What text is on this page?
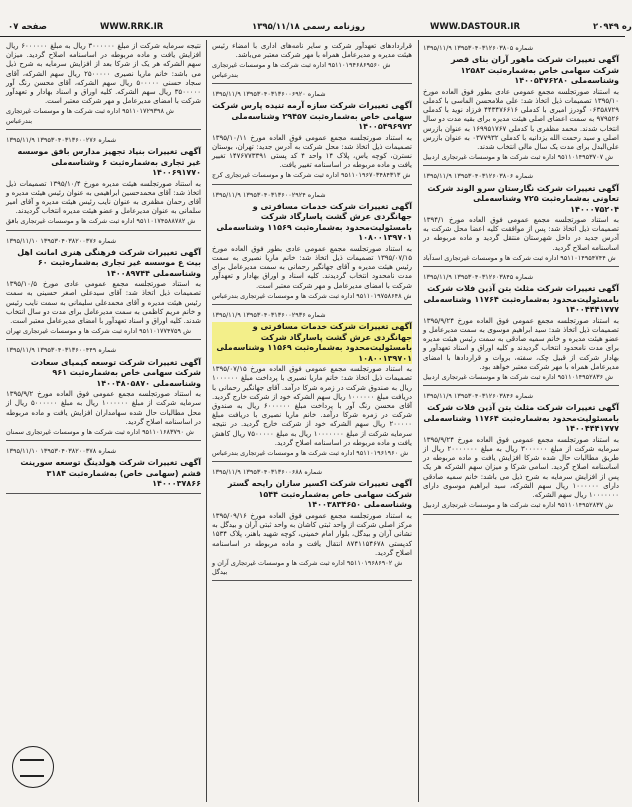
ره ۲۰۹۴۹
WWW.DASTOUR.IR
روزنامه رسمی ۱۳۹۵/۱۱/۱۸
WWW.RRK.IR
صفحه ۰۷
۱۳۹۵/۱۱/۹ ۱۳۹۵۳۰۴۰۳۱۲۶۰۳۸۰۵ شماره
آگهی تغییرات شرکت ماهور آران بنای قصر شرکت سهامی خاص به‌شماره‌ثبت ۱۲۵۸۳ وشناسه‌ملی ۱۴۰۰۵۴۷۶۲۸۰
به استناد صورتجلسه مجمع عمومی عادی بطور فوق العاده مورخ ۱۳۹۵/۱۰ تصمیمات ذیل اتخاذ شد: علی ملامحسن الماسی با کدملی ۰۶۳۵۸۷۲۹ گودرز امیری با کدملی ۴۴۳۴۷۶۶۱۶ فرزاد نوید با کدملی ۹۷۹۵۲۶ به سمت اعضای اصلی هیئت مدیره برای بقیه مدت دو سال انتخاب شدند. محمد مظفری با کدملی ۱۶۹۹۵۱۷۶۷ به عنوان بازرس اصلی و سید رحمت الله یزدانیه با کدملی ۰۳۷۷۹۳۲ به عنوان بازرس علی‌البدل برای مدت یک سال مالی انتخاب شدند.
ش ۹۵۱۱۰۱۴۹۵۳۷۰۷ اداره ثبت شرکت ها و موسسات غیرتجاری اردبیل
۱۳۹۵/۱۱/۹ ۱۳۹۵۳۰۴۰۳۱۲۶۰۳۸۰۶ شماره
آگهی تغییرات شرکت نگارستان سرو الوند شرکت تعاونی به‌شماره‌ثبت ۷۲۵ وشناسه‌ملی ۱۴۰۰۰۷۵۲۰۴
به استناد صورتجلسه مجمع عمومی فوق العاده مورخ ۱۳۹۴/۱ تصمیمات ذیل اتخاذ شد: پس از موافقت کلیه اعضا محل شرکت به آدرس جدید در داخل شهرستان منتقل گردید و ماده مربوطه در اساسنامه اصلاح گردید.
ش ۹۵۱۱۰۱۴۹۵۴۷۴۴ اداره ثبت شرکت ها و موسسات غیرتجاری اسدآباد
۱۳۹۵/۱۱/۹ ۱۳۹۵۳۰۴۰۳۱۲۶۰۳۸۴۵ شماره
آگهی تغییرات شرکت مثلث بتن آذین فلات شرکت بامسئولیت‌محدود به‌شماره‌ثبت ۱۱۷۶۴ وشناسه‌ملی ۱۴۰۰۴۴۴۱۷۷۷
به استناد صورتجلسه مجمع عمومی فوق العاده مورخ ۱۳۹۵/۹/۲۴ تصمیمات ذیل اتخاذ شد: سید ابراهیم موسوی به سمت مدیرعامل و عضو هیئت مدیره و خانم سمیه صادقی به سمت رئیس هیئت مدیره برای مدت نامحدود انتخاب گردیدند و کلیه اوراق و اسناد تعهدآور و بهادار شرکت از قبیل چک، سفته، بروات و قراردادها با امضای مدیرعامل همراه با مهر شرکت معتبر خواهد بود.
ش ۹۵۱۱۰۱۴۹۵۲۸۳۶ اداره ثبت شرکت ها و موسسات غیرتجاری اردبیل
۱۳۹۵/۱۱/۹ ۱۳۹۵۳۰۴۰۳۱۲۶۰۳۸۴۶ شماره
آگهی تغییرات شرکت مثلث بتن آذین فلات شرکت بامسئولیت‌محدود به‌شماره‌ثبت ۱۱۷۶۴ وشناسه‌ملی ۱۴۰۰۴۴۴۱۷۷۷
به استناد صورتجلسه مجمع عمومی فوق العاده مورخ ۱۳۹۵/۹/۲۴ سرمایه شرکت از مبلغ ۳۰۰۰۰۰۰ ریال به مبلغ ۲۰۰۰۰۰۰۰ ریال از طریق مطالبات حال شده شرکا افزایش یافت و ماده مربوطه در اساسنامه اصلاح گردید. اسامی شرکا و میزان سهم الشرکه هر یک پس از افزایش سرمایه به شرح ذیل می باشد: خانم سمیه صادقی دارای ۱۰۰۰۰۰۰ ریال سهم الشرکه، سید ابراهیم موسوی دارای ۱۰۰۰۰۰۰۰ ریال سهم الشرکه.
ش ۹۵۱۱۰۱۴۹۵۲۸۳۷ اداره ثبت شرکت ها و موسسات غیرتجاری اردبیل
قراردادهای تعهدآور شرکت و سایر نامه‌های اداری با امضاء رئیس هیئت مدیره و مدیرعامل همراه با مهر شرکت معتبر می‌باشد.
ش ۹۵۱۱۰۱۹۴۶۸۶۹۵۶۰ اداره ثبت شرکت ها و موسسات غیرتجاری بندرعباس
۱۳۹۵/۱۱/۹ ۱۳۹۵۳۰۴۰۳۱۳۶۰۰۶۹۲۰ شماره
آگهی تغییرات شرکت سازه آرمه تنیده پارس شرکت سهامی خاص به‌شماره‌ثبت ۲۹۴۵۷ وشناسه‌ملی ۱۴۰۰۵۴۹۶۹۷۲
به استناد صورتجلسه مجمع عمومی فوق العاده مورخ ۱۳۹۵/۱۰/۱۱ تصمیمات ذیل اتخاذ شد: محل شرکت به آدرس جدید: تهران، بوستان نسترن، کوچه یاس، پلاک ۱۴ واحد ۴ کد پستی ۱۴۷۶۷۷۳۳۹۱ تغییر یافت و ماده مربوطه در اساسنامه تغییر یافت.
ش ۹۵۱۱۰۱۹۶۷۰۳۴۸۴۳۱۳ اداره ثبت شرکت ها و موسسات غیرتجاری کرج
۱۳۹۵/۱۱/۹ ۱۳۹۵۳۰۴۰۳۱۳۶۰۰۲۹۲۴ شماره
آگهی تغییرات شرکت خدمات مسافرتی و جهانگردی عرش گشت پاسارگاد شرکت بامسئولیت‌محدود به‌شماره‌ثبت ۱۱۵۶۹ وشناسه‌ملی ۱۰۸۰۰۱۳۹۷۰۱
به استناد صورتجلسه مجمع عمومی عادی بطور فوق العاده مورخ ۱۳۹۵/۰۷/۱۵ تصمیمات ذیل اتخاذ شد: خانم ماریا نصیری به سمت رئیس هیئت مدیره و آقای جهانگیر رحمانی به سمت مدیرعامل برای مدت نامحدود انتخاب گردیدند. کلیه اسناد و اوراق بهادار و تعهدآور شرکت با امضای مدیرعامل و مهر شرکت معتبر است.
ش ۹۵۱۱۰۱۹۷۵۸۶۴۸ اداره ثبت شرکت ها و موسسات غیرتجاری بندرعباس
۱۳۹۵/۱۱/۹ ۱۳۹۵۳۰۴۰۳۱۳۶۰۰۲۹۳۶ شماره
آگهی تغییرات شرکت خدمات مسافرتی و جهانگردی عرش گشت پاسارگاد شرکت بامسئولیت‌محدود به‌شماره‌ثبت ۱۱۵۶۹ وشناسه‌ملی ۱۰۸۰۰۱۳۹۷۰۱
به استناد صورتجلسه مجمع عمومی فوق العاده مورخ ۱۳۹۵/۰۷/۱۵ تصمیمات ذیل اتخاذ شد: خانم ماریا نصیری با پرداخت مبلغ ۱۰۰۰۰۰۰ ریال به صندوق شرکت در زمره شرکا درآمد. آقای جهانگیر رحمانی با دریافت مبلغ ۱۰۰۰۰۰۰ ریال سهم الشرکه خود از شرکت خارج گردید. آقای محسن رنگ آور با پرداخت مبلغ ۶۰۰۰۰۰۰ ریال به صندوق شرکت در زمره شرکا درآمد. خانم ماریا نصیری با دریافت مبلغ ۲۰۰۰۰۰ ریال سهم الشرکه خود از شرکت خارج گردید. در نتیجه سرمایه شرکت از مبلغ ۱۰۰۰۰۰۰۰ ریال به مبلغ ۷۵۰۰۰۰۰ ریال کاهش یافت و ماده مربوطه در اساسنامه اصلاح گردید.
ش ۹۵۱۱۰۱۹۶۱۹۶۰ اداره ثبت شرکت ها و موسسات غیرتجاری بندرعباس
۱۳۹۵/۱۱/۹ ۱۳۹۵۳۰۴۰۳۱۳۶۰۰۶۸۸ شماره
آگهی تغییرات شرکت اکسیر سازان رایحه گستر شرکت سهامی خاص به‌شماره‌ثبت ۱۵۴۴ وشناسه‌ملی ۱۴۰۰۳۸۳۴۶۵۰
به استناد صورتجلسه مجمع عمومی فوق العاده مورخ ۱۳۹۵/۰۹/۱۶ مرکز اصلی شرکت از واحد ثبتی کاشان به واحد ثبتی آران و بیدگل به نشانی آران و بیدگل، بلوار امام خمینی، کوچه شهید باهنر، پلاک ۱۵۳۴ کدپستی ۸۷۴۱۱۵۴۶۷۸ انتقال یافت و ماده مربوطه در اساسنامه اصلاح گردید.
ش ۹۵۱۱۰۱۹۶۸۶۹۰۲ اداره ثبت شرکت ها و موسسات غیرتجاری آران و بیدگل
نتیجه سرمایه شرکت از مبلغ ۳۰۰۰۰۰۰ ریال به مبلغ ۶۰۰۰۰۰۰ ریال افزایش یافت و ماده مربوطه در اساسنامه اصلاح گردید. میزان سهم الشرکه هر یک از شرکا بعد از افزایش سرمایه به شرح ذیل می باشد: خانم ماریا نصیری ۲۵۰۰۰۰۰ ریال سهم الشرکه، آقای سجاد حسنی ۵۰۰۰۰۰ ریال سهم الشرکه، آقای محسن رنگ آور ۳۵۰۰۰۰۰ ریال سهم الشرکه. کلیه اوراق و اسناد بهادار و تعهدآور شرکت با امضای مدیرعامل و مهر شرکت معتبر است.
ش ۹۵۱۱۰۱۷۲۹۳۹۸ اداره ثبت شرکت ها و موسسات غیرتجاری بندرعباس
۱۳۹۵/۱۱/۹ ۱۳۹۵۳۰۴۰۳۱۳۶۰۰۲۷۶ شماره
آگهی تغییرات بنیاد تجهیز مدارس بافق موسسه غیر تجاری به‌شماره‌ثبت ۶ وشناسه‌ملی ۱۴۰۰۶۹۱۷۷۰
به استناد صورتجلسه هیئت مدیره مورخ ۱۳۹۵/۱۰/۴ تصمیمات ذیل اتخاذ شد: آقای محمدحسین ابراهیمی به عنوان رئیس هیئت مدیره و آقای رحمان مظفری به عنوان نایب رئیس هیئت مدیره و آقای امیر سلمانی به عنوان مدیرعامل و عضو هیئت مدیره انتخاب گردیدند.
ش ۹۵۱۱۰۱۷۴۵۸۸۷۸۲ اداره ثبت شرکت ها و موسسات غیرتجاری بافق
۱۳۹۵/۱۱/۱۰ ۱۳۹۵۳۰۴۰۳۸۲۰۰۳۷۶ شماره
آگهی تغییرات شرکت فرهنگی هنری امانت اهل بیت ع موسسه غیر تجاری به‌شماره‌ثبت ۶۰ وشناسه‌ملی ۱۴۰۰۸۹۷۴۴
به استناد صورتجلسه مجمع عمومی عادی مورخ ۱۳۹۵/۱۰/۵ تصمیمات ذیل اتخاذ شد: آقای سیدعلی اصغر حسینی به سمت رئیس هیئت مدیره و آقای محمدعلی سلیمانی به سمت نایب رئیس و خانم مریم کاظمی به سمت مدیرعامل برای مدت دو سال انتخاب شدند. کلیه اوراق و اسناد تعهدآور با امضای مدیرعامل معتبر است.
ش ۹۵۱۱۰۱۷۷۴۷۵۹ اداره ثبت شرکت ها و موسسات غیرتجاری تهران
۱۳۹۵/۱۱/۹ ۱۳۹۵۳۰۴۰۳۱۳۶۰۰۴۴۹ شماره
آگهی تغییرات شرکت توسعه کیمیای سعادت شرکت سهامی خاص به‌شماره‌ثبت ۹۶۱ وشناسه‌ملی ۱۴۰۰۴۸۰۵۸۷۰
به استناد صورتجلسه مجمع عمومی فوق العاده مورخ ۱۳۹۵/۹/۲ سرمایه شرکت از مبلغ ۱۰۰۰۰۰۰ ریال به مبلغ ۵۰۰۰۰۰۰ ریال از محل مطالبات حال شده سهامداران افزایش یافت و ماده مربوطه در اساسنامه اصلاح گردید.
ش ۹۵۱۱۰۱۶۸۳۷۹۰ اداره ثبت شرکت ها و موسسات غیرتجاری سمنان
۱۳۹۵/۱۱/۱۰ ۱۳۹۵۳۰۴۰۳۸۲۰۰۳۷۸ شماره
آگهی تغییرات شرکت هولدینگ توسعه سورینت قشم (سهامی خاص) به‌شماره‌ثبت ۳۱۸۴ ۱۴۰۰۰۳۷۸۶۶
